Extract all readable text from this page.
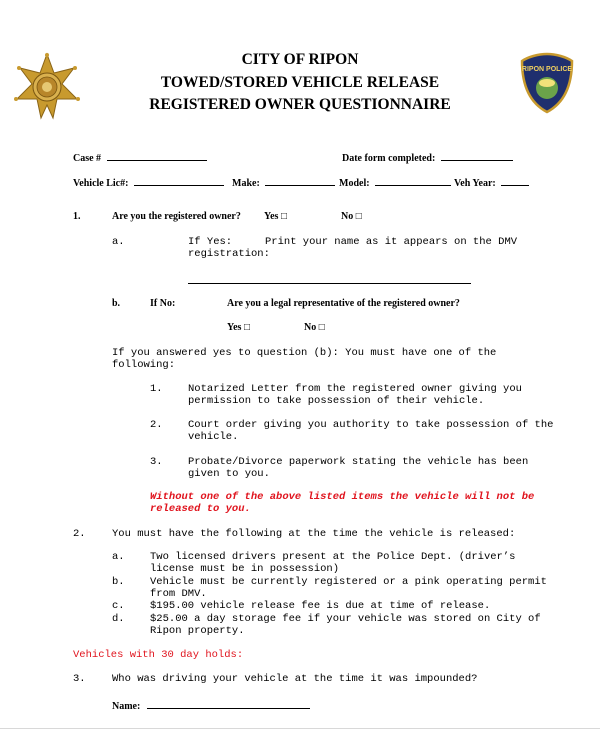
RIPON POLICE
CITY OF RIPON
TOWED/STORED VEHICLE RELEASE
REGISTERED OWNER QUESTIONNAIRE
Case #	Date form completed:
Vehicle Lic#:	Make:	Model:	Veh Year:
1.	Are you the registered owner? Yes □	No □
a.	If Yes:	Print your name as it appears on the DMV
registration:
b.	If No:	Are you a legal representative of the registered owner?
Yes □	No □
If you answered yes to question (b): You must have one of the
following:
1. Notarized Letter from the registered owner giving you
permission to take possession of their vehicle.
2. Court order giving you authority to take possession of the
vehicle.
3. Probate/Divorce paperwork stating the vehicle has been
given to you.
Without one of the above listed items the vehicle will not be
released to you.
2.	You must have the following at the time the vehicle is released:
a. Two licensed drivers present at the Police Dept. (driver’s
license must be in possession)
b. Vehicle must be currently registered or a pink operating permit
from DMV.
c. $195.00 vehicle release fee is due at time of release.
d. $25.00 a day storage fee if your vehicle was stored on City of
Ripon property.
Vehicles with 30 day holds:
3.	Who was driving your vehicle at the time it was impounded?
Name:
